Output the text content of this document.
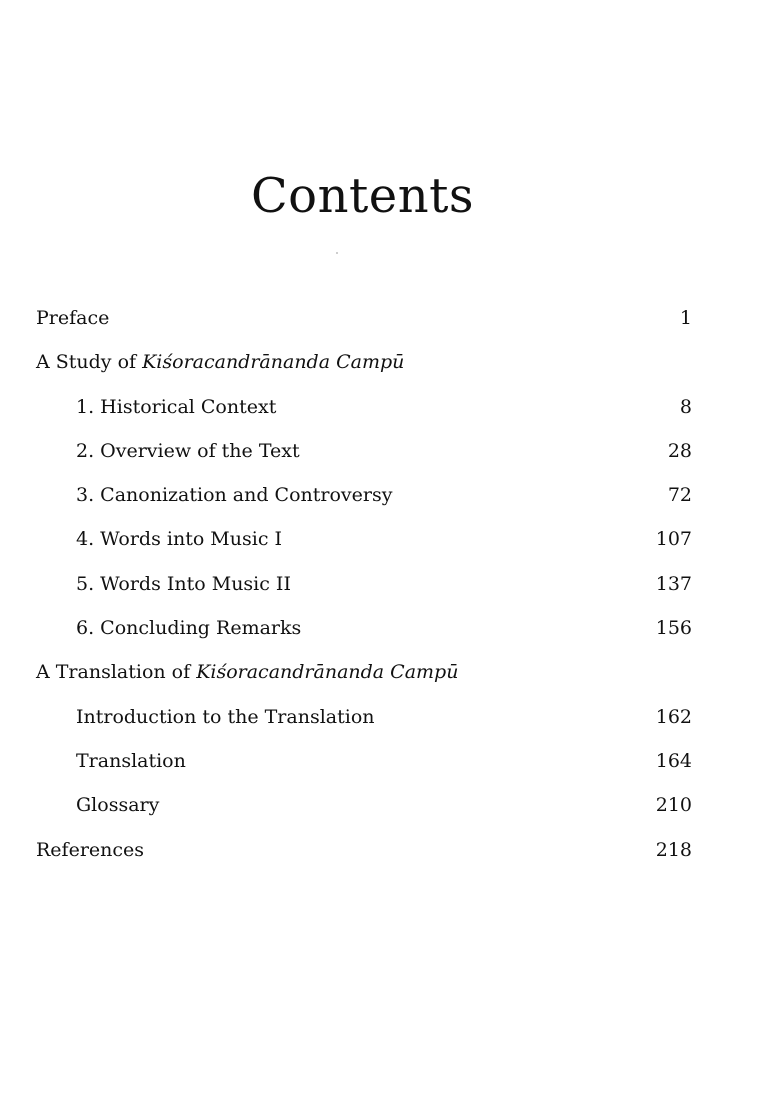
Contents
Preface	1
A Study of Kiśoracandrānanda Campū
1. Historical Context	8
2. Overview of the Text	28
3. Canonization and Controversy	72
4. Words into Music I	107
5. Words Into Music II	137
6. Concluding Remarks	156
A Translation of Kiśoracandrānanda Campū
Introduction to the Translation	162
Translation	164
Glossary	210
References	218
